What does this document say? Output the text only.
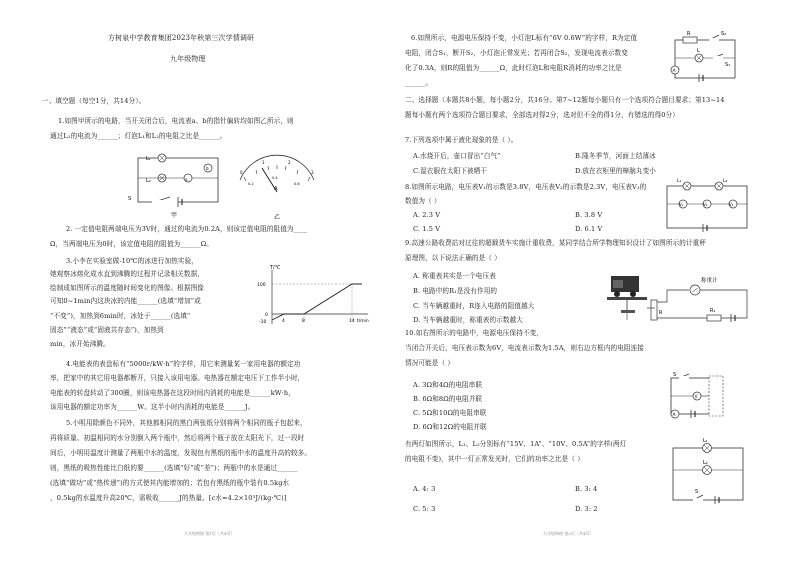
方树泉中学教育集团2023年秋第三次学情调研
九年级物理
一、填空题（每空1分，共14分）。
1.如图甲所示的电路，当开关闭合后，电流表a、b的指针偏转均如图乙所示，则
通过L₂的电流为______；灯泡L₁和L₂的电阻之比是______。
S
a
b
L₁
L₂
甲
0
1	2
3
0.2
0.4
0.6
A
乙
2. 一定值电阻两端电压为3V时，通过的电流为0.2A，则该定值电阻的阻值为____
Ω，当两端电压为0时，该定值电阻的阻值为______Ω。
3.小李在实验室做-10℃的冰进行加热实验，
她观察冰熔化成水直到沸腾的过程并记录相关数据，
绘制成如图所示的温度随时间变化的图像。根据图像
可知0~1min内这块冰的内能______(选填“增加”或
“不变”)，加热到6min时，冰处于______(选填“
固态”“液态”或“固液共存态”)，加热到
min，冰开始沸腾。
T/℃
100
0
-10	4	8	14 t/min
4.电能表的表盘标有“5000r/kW·h”的字样，用它来测量某一家用电器的额定功
率，把家中的其它用电器都断开，只接入该用电器。电热器在额定电压下工作半小时，
电能表的转盘转动了300圈，则该电热器在这段时间内消耗的电能是______kW·h，
该用电器的额定功率为______W。这半小时内消耗的电能是______J。
5.小明用除颜色不同外，其他都相同的黑白两张纸分别将两个相同的瓶子包起来，
再将质量、初温相同的水分别倒入两个瓶中，然后将两个瓶子放在太阳光下，过一段时
间后，小明用温度计测量了两瓶中水的温度，发现包有黑纸的瓶中水的温度升高的较多。
则，黑纸的吸热性能比白纸的要______(选填“好”或“差”)；两瓶中的水是通过______
(选填“做功”或“热传递”)的方式使其内能增加的；若包有黑纸的瓶中装有0.5kg水
，0.5kg的水温度升高20℃，需吸收______J的热量。[c水=4.2×10³J/(kg·℃)]
九年级物理 第1页（共4页）
6.如图所示，电源电压保持不变，小灯泡L标有“6V 0.6W”的字样，R为定值
电阻，闭合S₁，断开S₂，小灯泡正常发光；若再闭合S₂，发现电流表示数变
化了0.3A，则R的阻值为______Ω，此时灯泡L和电阻R消耗的功率之比是
______。
R	S₂
S₁
L
A
二、选择题（本题共8小题，每小题2分，共16分。第7~12题每小题只有一个选项符合题目要求；第13~14
题每小题有两个选项符合题目要求，全部选对得2分，选对但不全的得1分，有错选的得0分）
7.下列选项中属于液化现象的是（ ）。
A.水烧开后，壶口冒出“白气”	B.隆冬季节，河面上结薄冰
C.湿衣服在太阳下被晒干	D.放在衣柜里的樟脑丸变小
8.如图所示电路，电压表V₁的示数是3.8V，电压表V₂的示数是2.3V，电压表V₃的
数值为（ ）
A. 2.3 V	B. 3.8 V
C. 1.5 V	D. 6.1 V
L₁	L₂
V₁	V₂	V₃
9.高速公路收费站对过往的超载货车实施计重收费，某同学结合所学物理知识设计了如图所示的计重秤
原理图，以下说法正确的是（ ）
A. 称重表其实是一个电压表
B. 电路中的R₁是没有作用的
C. 当车辆越重时，R连入电路的阻值越大
D. 当车辆越重时，称重表的示数越大
称重计
R	R₁
10.如右图所示的电路中，电源电压保持不变，
当闭合开关后，电压表示数为6V，电流表示数为1.5A，则右边方框内的电阻连接
情况可能是（ ）
A. 3Ω和4Ω的电阻串联
B. 6Ω和8Ω的电阻并联
C. 5Ω和10Ω的电阻串联
D. 6Ω和12Ω的电阻并联
S
A
V
有两灯如图所示，L₁、L₂分别标有“15V、1A”、“10V、0.5A”的字样(两灯
的电阻不变)，其中一灯正常发光时，它们的功率之比是（ ）
A. 4: 3	B. 3: 4
C. 5: 3	D. 3: 2
L₁
L₂
S
九年级物理 第2页（共4页）
